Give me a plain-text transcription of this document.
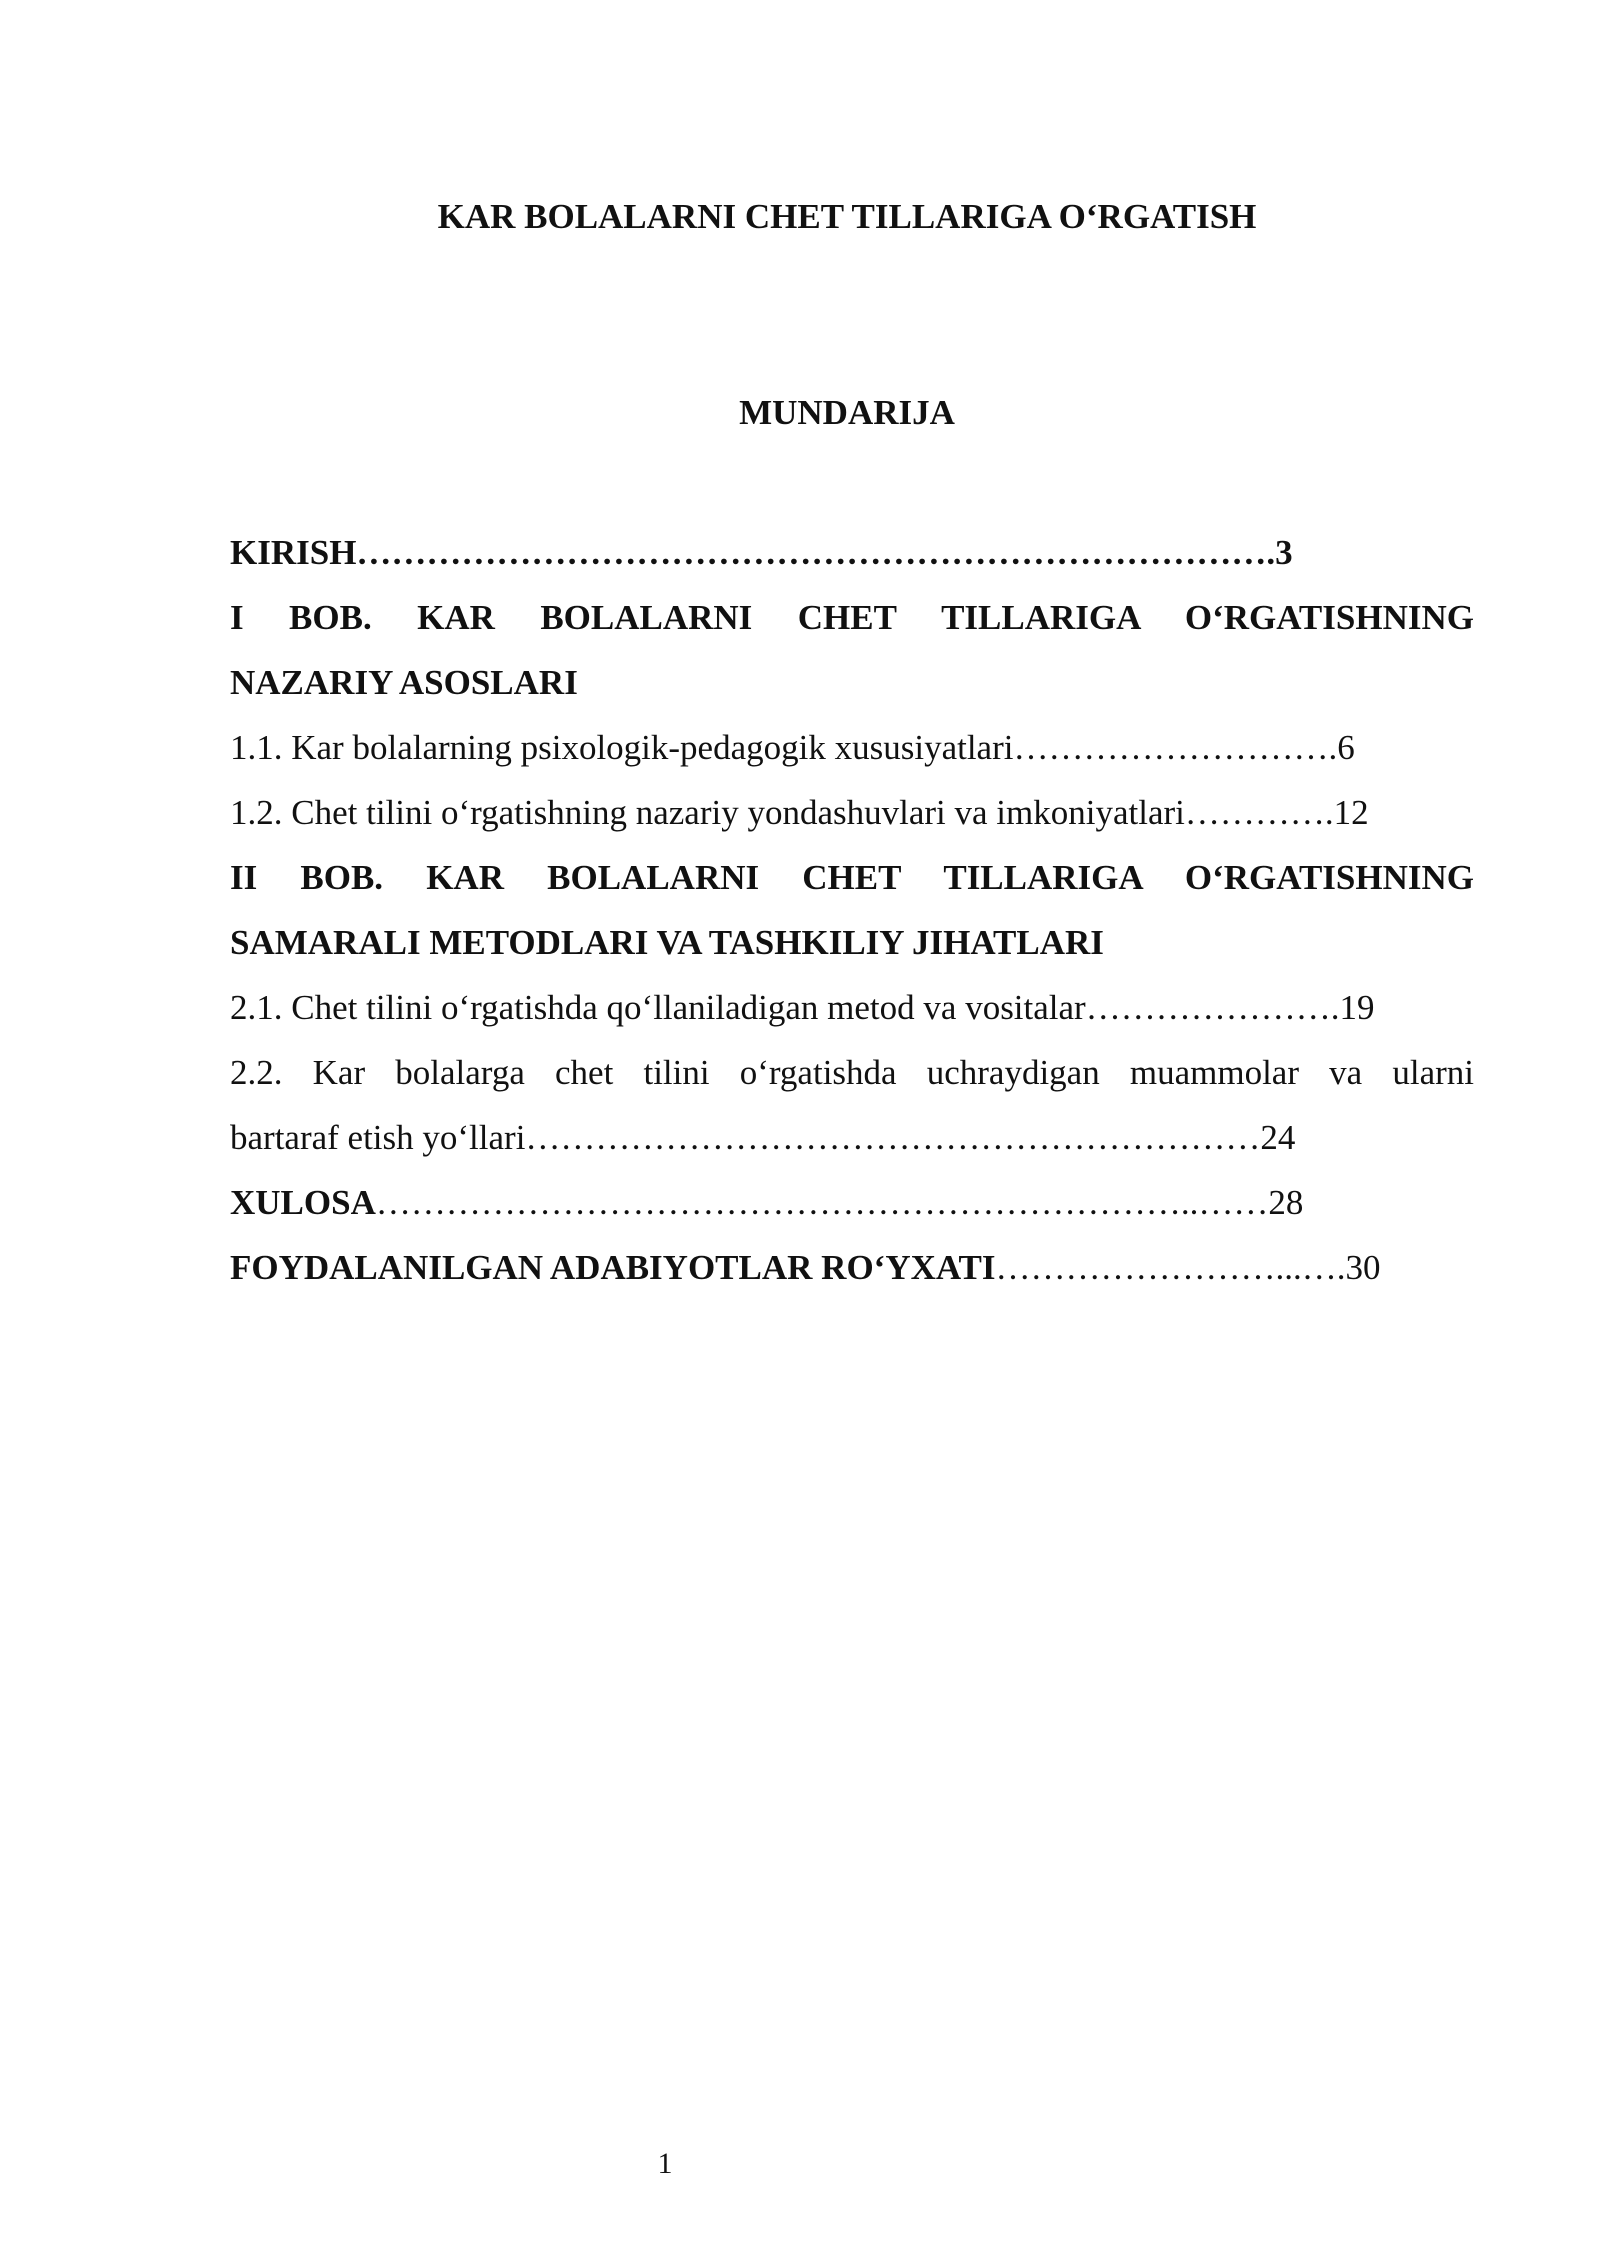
KAR BOLALARNI CHET TILLARIGA O‘RGATISH
MUNDARIJA
KIRISH…………………………………………………………………….3
I BOB. KAR BOLALARNI CHET TILLARIGA O‘RGATISHNING
NAZARIY ASOSLARI
1.1. Kar bolalarning psixologik-pedagogik xususiyatlari……………………….6
1.2. Chet tilini o‘rgatishning nazariy yondashuvlari va imkoniyatlari………….12
II BOB. KAR BOLALARNI CHET TILLARIGA O‘RGATISHNING
SAMARALI METODLARI VA TASHKILIY JIHATLARI
2.1. Chet tilini o‘rgatishda qo‘llaniladigan metod va vositalar………………….19
2.2. Kar bolalarga chet tilini o‘rgatishda uchraydigan muammolar va ularni
bartaraf etish yo‘llari………………………………………………………24
XULOSA……………………………………………………………..……28
FOYDALANILGAN ADABIYOTLAR RO‘YXATI……………………...….30
1
